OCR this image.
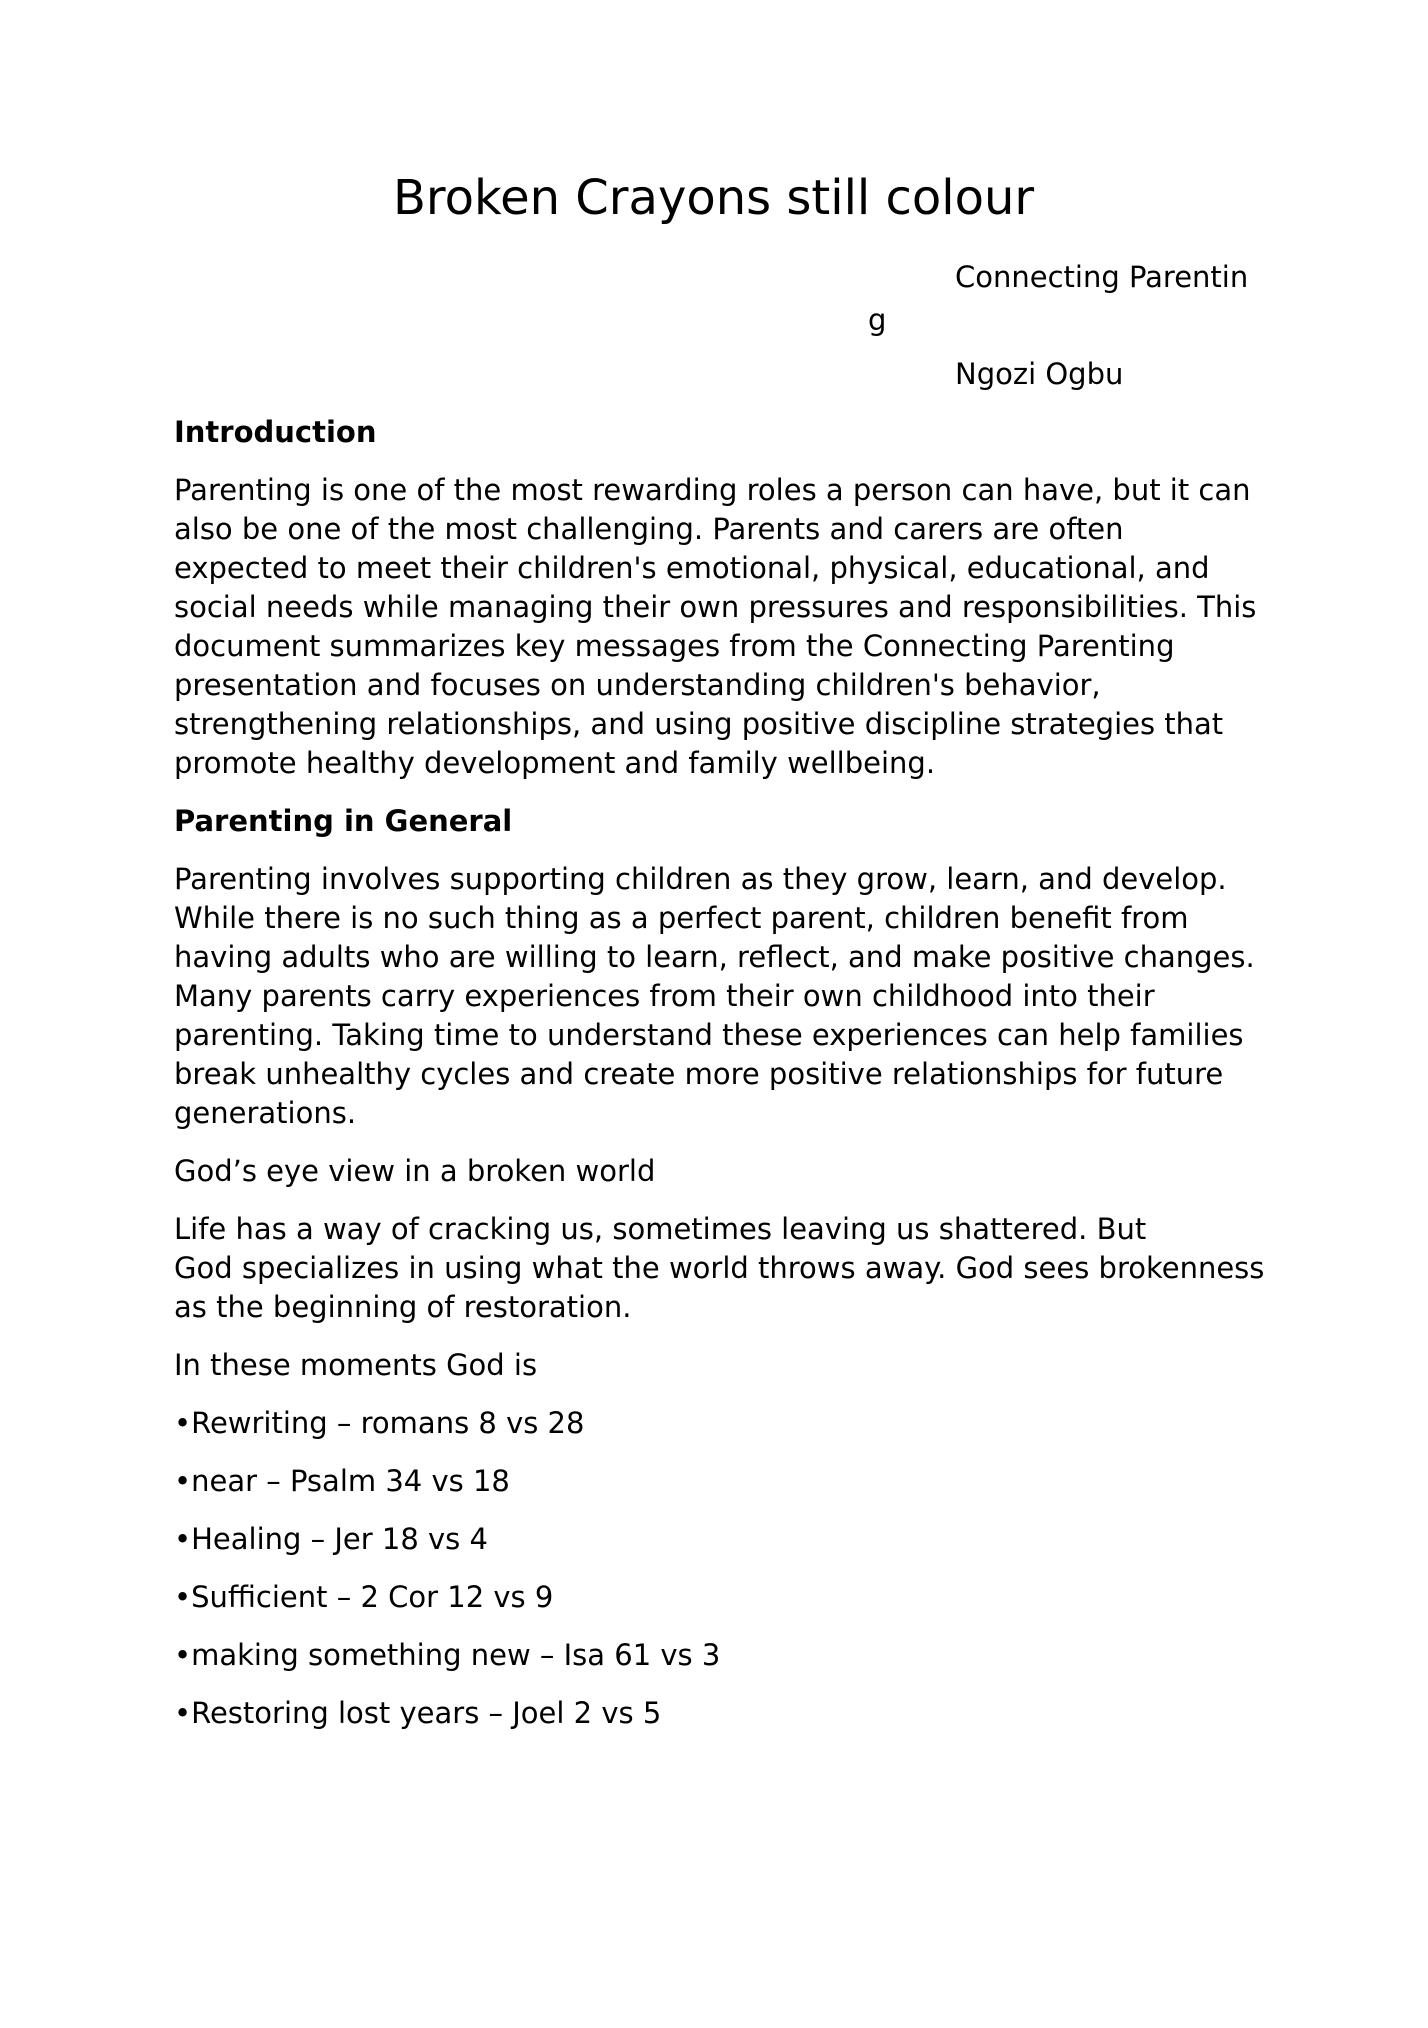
Broken Crayons still colour
Connecting Parentin
g
Ngozi Ogbu

Introduction

Parenting is one of the most rewarding roles a person can have, but it can
also be one of the most challenging. Parents and carers are often
expected to meet their children's emotional, physical, educational, and
social needs while managing their own pressures and responsibilities. This
document summarizes key messages from the Connecting Parenting
presentation and focuses on understanding children's behavior,
strengthening relationships, and using positive discipline strategies that
promote healthy development and family wellbeing.

Parenting in General

Parenting involves supporting children as they grow, learn, and develop.
While there is no such thing as a perfect parent, children benefit from
having adults who are willing to learn, reflect, and make positive changes.
Many parents carry experiences from their own childhood into their
parenting. Taking time to understand these experiences can help families
break unhealthy cycles and create more positive relationships for future
generations.

God’s eye view in a broken world

Life has a way of cracking us, sometimes leaving us shattered. But
God specializes in using what the world throws away. God sees brokenness
as the beginning of restoration.

In these moments God is

•Rewriting – romans 8 vs 28

•near – Psalm 34 vs 18

•Healing – Jer 18 vs 4

•Sufficient – 2 Cor 12 vs 9

•making something new – Isa 61 vs 3

•Restoring lost years – Joel 2 vs 5
